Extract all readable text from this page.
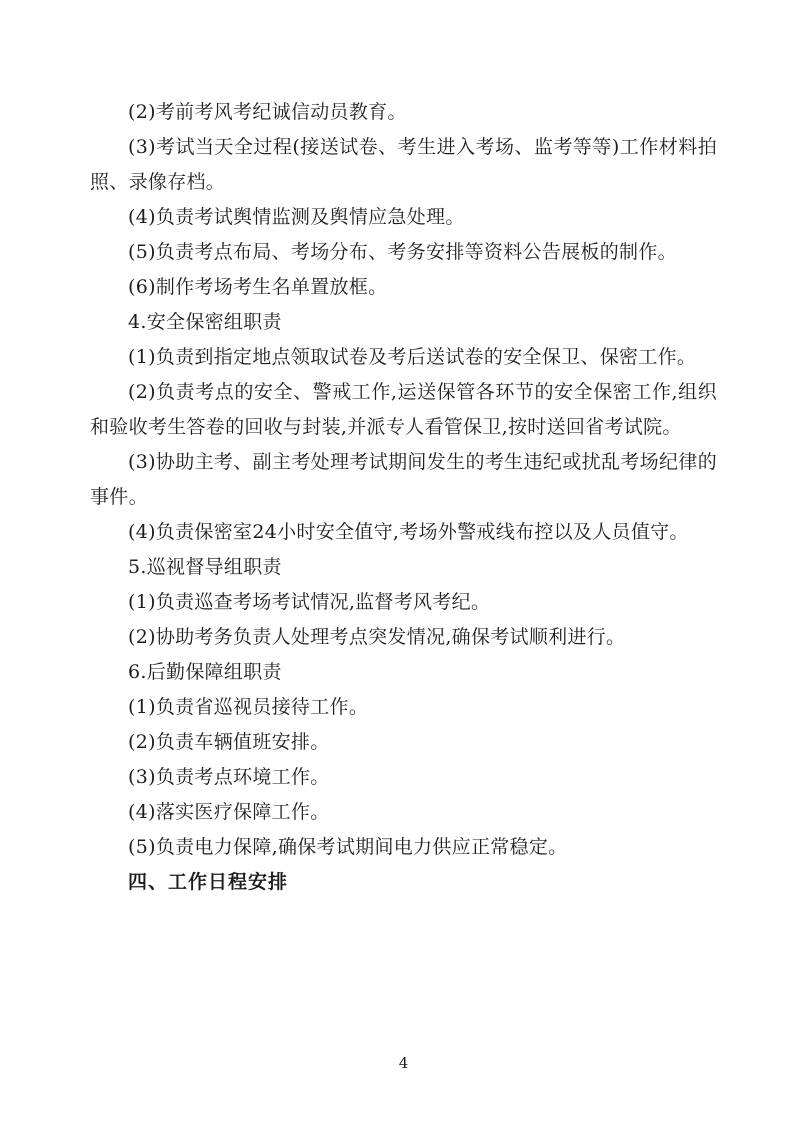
(2)考前考风考纪诚信动员教育。

(3)考试当天全过程(接送试卷、考生进入考场、监考等等)工作材料拍照、录像存档。

(4)负责考试舆情监测及舆情应急处理。

(5)负责考点布局、考场分布、考务安排等资料公告展板的制作。

(6)制作考场考生名单置放框。

4.安全保密组职责

(1)负责到指定地点领取试卷及考后送试卷的安全保卫、保密工作。

(2)负责考点的安全、警戒工作,运送保管各环节的安全保密工作,组织和验收考生答卷的回收与封装,并派专人看管保卫,按时送回省考试院。

(3)协助主考、副主考处理考试期间发生的考生违纪或扰乱考场纪律的事件。

(4)负责保密室24小时安全值守,考场外警戒线布控以及人员值守。

5.巡视督导组职责

(1)负责巡查考场考试情况,监督考风考纪。

(2)协助考务负责人处理考点突发情况,确保考试顺利进行。

6.后勤保障组职责

(1)负责省巡视员接待工作。

(2)负责车辆值班安排。

(3)负责考点环境工作。

(4)落实医疗保障工作。

(5)负责电力保障,确保考试期间电力供应正常稳定。

四、工作日程安排

4
